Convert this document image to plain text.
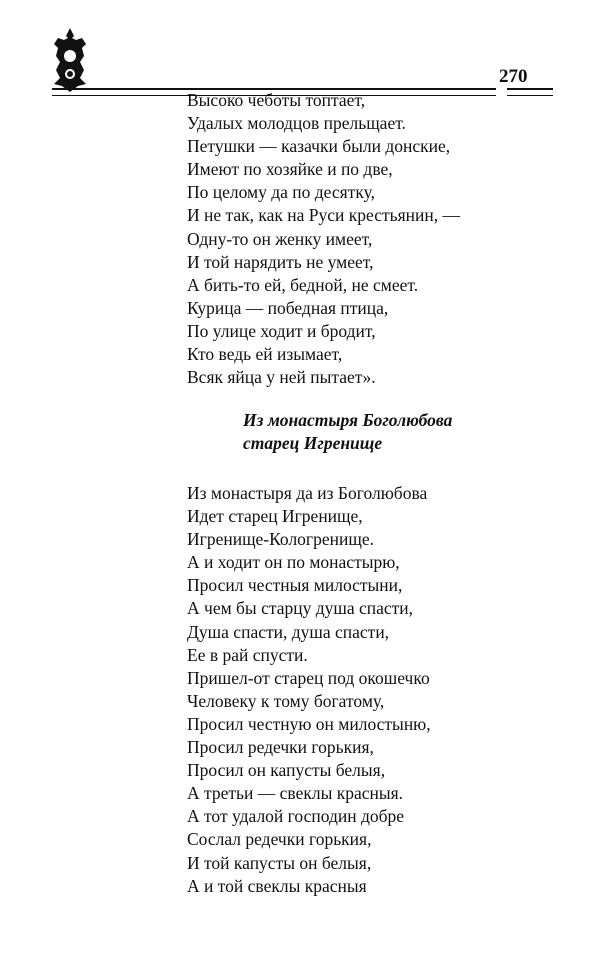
270
Высоко чеботы топтает,
Удалых молодцов прельщает.
Петушки — казачки были донские,
Имеют по хозяйке и по две,
По целому да по десятку,
И не так, как на Руси крестьянин, —
Одну-то он женку имеет,
И той нарядить не умеет,
А бить-то ей, бедной, не смеет.
Курица — победная птица,
По улице ходит и бродит,
Кто ведь ей изымает,
Всяк яйца у ней пытает».
Из монастыря Боголюбова
старец Игренище
Из монастыря да из Боголюбова
Идет старец Игренище,
Игренище-Кологренище.
А и ходит он по монастырю,
Просил честныя милостыни,
А чем бы старцу душа спасти,
Душа спасти, душа спасти,
Ее в рай спусти.
Пришел-от старец под окошечко
Человеку к тому богатому,
Просил честную он милостыню,
Просил редечки горькия,
Просил он капусты белыя,
А третьи — свеклы красныя.
А тот удалой господин добре
Сослал редечки горькия,
И той капусты он белыя,
А и той свеклы красныя
